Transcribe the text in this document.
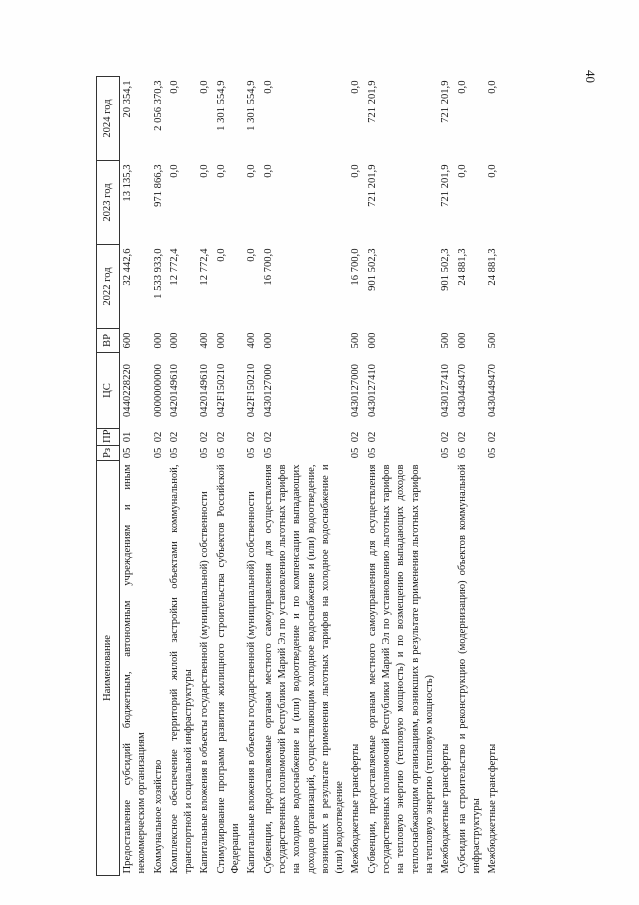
40
Наименование	Рз	ПР	ЦС	ВР	2022 год	2023 год	2024 год
Предоставление субсидий бюджетным, автономным учреждениям и иным некоммерческим организациям	05	01	0440228220	600	32 442,6	13 135,3	20 354,1
Коммунальное хозяйство	05	02	0000000000	000	1 533 933,0	971 866,3	2 056 370,3
Комплексное обеспечение территорий жилой застройки объектами коммунальной, транспортной и социальной инфраструктуры	05	02	0420149610	000	12 772,4	0,0	0,0
Капитальные вложения в объекты государственной (муниципальной) собственности	05	02	0420149610	400	12 772,4	0,0	0,0
Стимулирование программ развития жилищного строительства субъектов Российской Федерации	05	02	042F150210	000	0,0	0,0	1 301 554,9
Капитальные вложения в объекты государственной (муниципальной) собственности	05	02	042F150210	400	0,0	0,0	1 301 554,9
Субвенции, предоставляемые органам местного самоуправления для осуществления государственных полномочий Республики Марий Эл по установлению льготных тарифов на холодное водоснабжение и (или) водоотведение и по компенсации выпадающих доходов организаций, осуществляющим холодное водоснабжение и (или) водоотведение, возникших в результате применения льготных тарифов на холодное водоснабжение и (или) водоотведение	05	02	0430127000	000	16 700,0	0,0	0,0
Межбюджетные трансферты	05	02	0430127000	500	16 700,0	0,0	0,0
Субвенции, предоставляемые органам местного самоуправления для осуществления государственных полномочий Республики Марий Эл по установлению льготных тарифов на тепловую энергию (тепловую мощность) и по возмещению выпадающих доходов теплоснабжающим организациям, возникших в результате применения льготных тарифов на тепловую энергию (тепловую мощность)	05	02	0430127410	000	901 502,3	721 201,9	721 201,9
Межбюджетные трансферты	05	02	0430127410	500	901 502,3	721 201,9	721 201,9
Субсидии на строительство и реконструкцию (модернизацию) объектов коммунальной инфраструктуры	05	02	0430449470	000	24 881,3	0,0	0,0
Межбюджетные трансферты	05	02	0430449470	500	24 881,3	0,0	0,0
